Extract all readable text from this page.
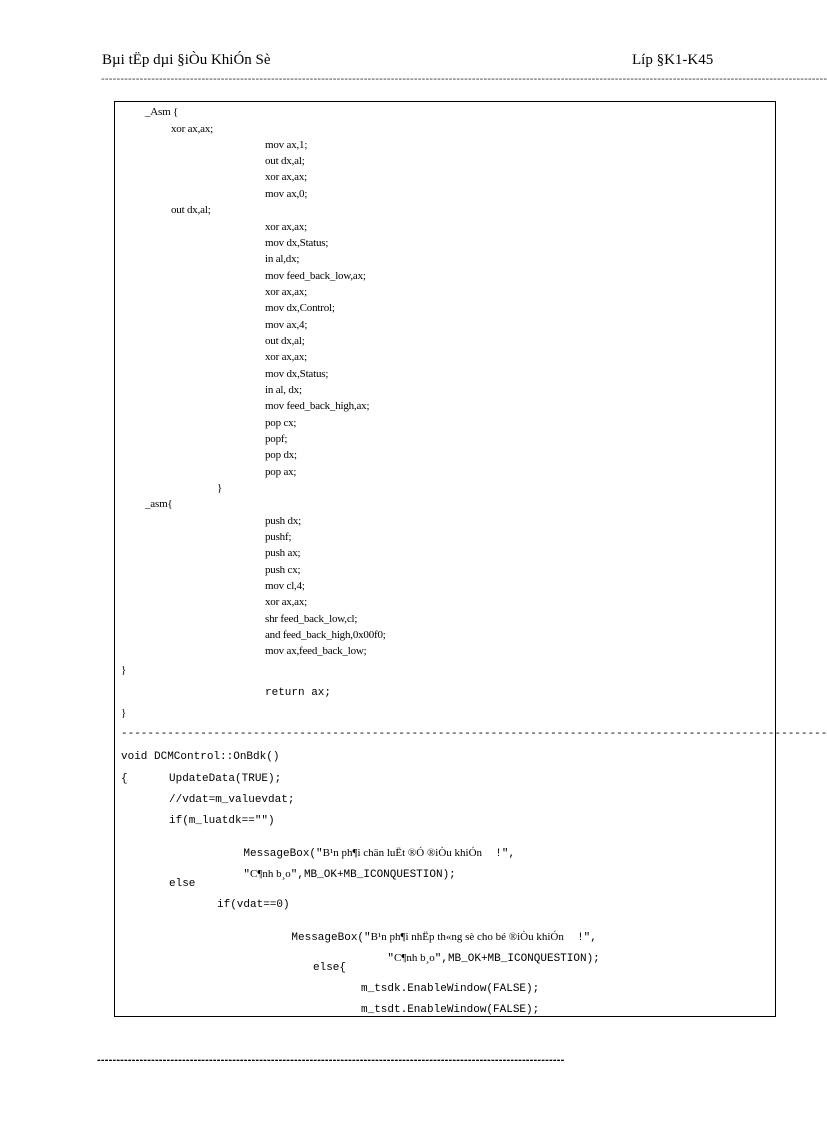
Bµi tËp dµi §iÒu KhiÓn Sè	Líp §K1-K45
--------------------------------------------------------------------------------------------------------------------------------------------------------------------------------------------
_Asm {
xor ax,ax;
mov ax,1;
out dx,al;
xor ax,ax;
mov ax,0;
out dx,al;
xor ax,ax;
mov dx,Status;
in al,dx;
mov feed_back_low,ax;
xor ax,ax;
mov dx,Control;
mov ax,4;
out dx,al;
xor ax,ax;
mov dx,Status;
in al, dx;
mov feed_back_high,ax;
pop cx;
popf;
pop dx;
pop ax;
}
_asm{
push dx;
pushf;
push ax;
push cx;
mov cl,4;
xor ax,ax;
shr feed_back_low,cl;
and feed_back_high,0x00f0;
mov ax,feed_back_low;
}
return ax;
}
-----------------------------------------------------------------------------------------------------------
void DCMControl::OnBdk()
{	UpdateData(TRUE);
//vdat=m_valuevdat;
if(m_luatdk=="")

MessageBox("B¹n ph¶i chän luËt ®Ó ®iÒu khiÓn  !",

"C¶nh b¸o",MB_OK+MB_ICONQUESTION);

else
if(vdat==0)

MessageBox("B¹n ph¶i nhËp th«ng sè cho bé ®iÒu khiÓn  !",

"C¶nh b¸o",MB_OK+MB_ICONQUESTION);

else{
m_tsdk.EnableWindow(FALSE);
m_tsdt.EnableWindow(FALSE);
-------------------------------------------------------------------------------------------------------------------------
